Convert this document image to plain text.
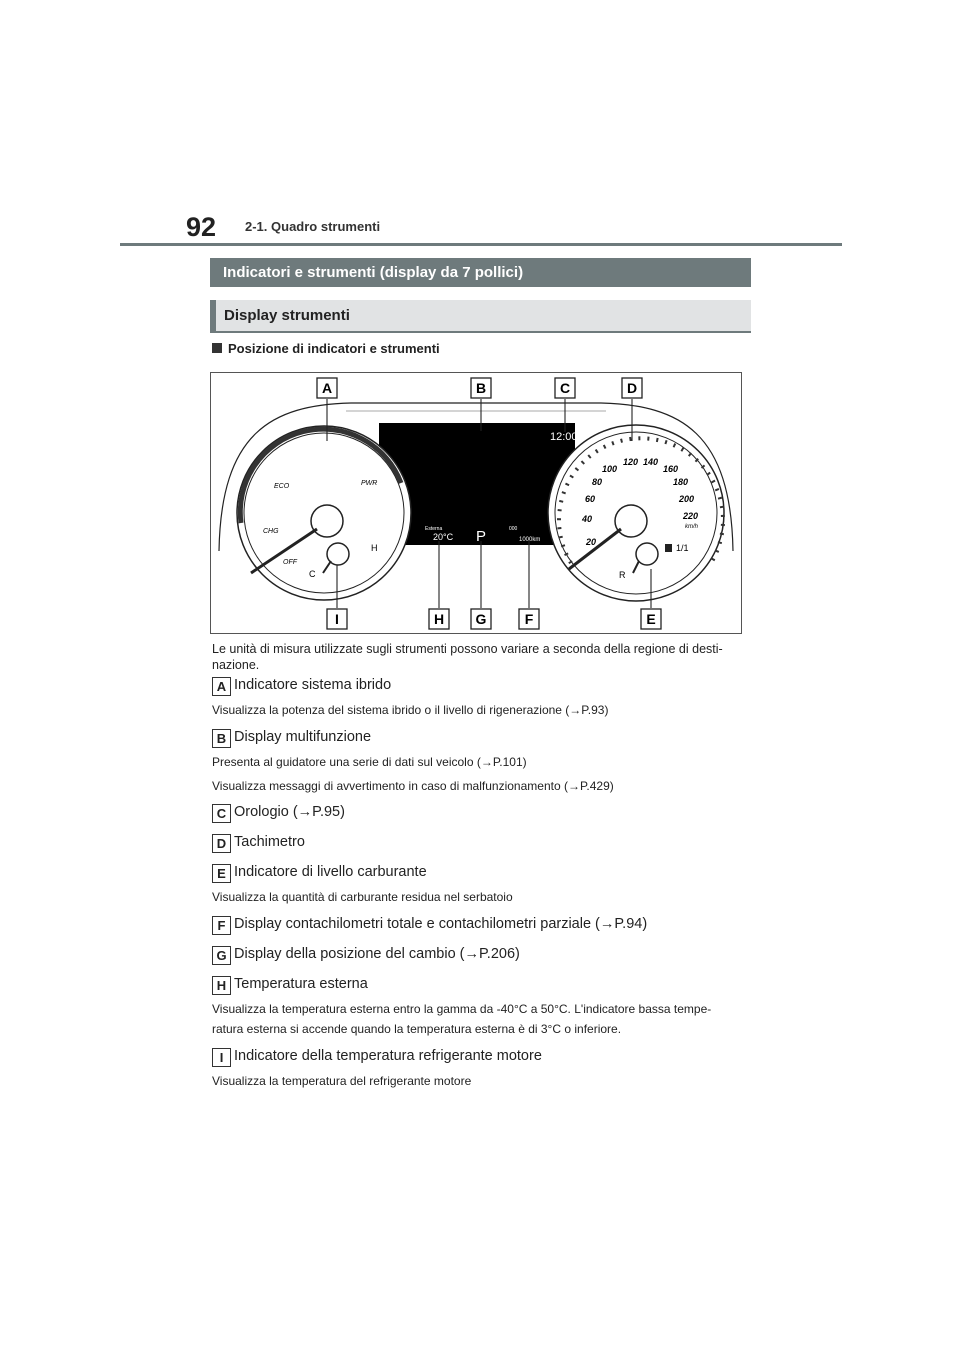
92 2-1. Quadro strumenti
Indicatori e strumenti (display da 7 pollici)
Display strumenti
Posizione di indicatori e strumenti
ECO	PWR
CHG
OFF
C
H
20
40
60
80
100
120 140
160
180
200
220
km/h
R
1/1
12:00
Esterna
20°C P	000
1000km
A	B	C	D
I	H G	F	E
Le unità di misura utilizzate sugli strumenti possono variare a seconda della regione di desti-nazione.
A Indicatore sistema ibrido
Visualizza la potenza del sistema ibrido o il livello di rigenerazione (→P.93)
B Display multifunzione
Presenta al guidatore una serie di dati sul veicolo (→P.101)
Visualizza messaggi di avvertimento in caso di malfunzionamento (→P.429)
C Orologio (→P.95)
D Tachimetro
E Indicatore di livello carburante
Visualizza la quantità di carburante residua nel serbatoio
F Display contachilometri totale e contachilometri parziale (→P.94)
G Display della posizione del cambio (→P.206)
H Temperatura esterna
Visualizza la temperatura esterna entro la gamma da -40°C a 50°C. L'indicatore bassa tempe-
ratura esterna si accende quando la temperatura esterna è di 3°C o inferiore.
I Indicatore della temperatura refrigerante motore
Visualizza la temperatura del refrigerante motore
